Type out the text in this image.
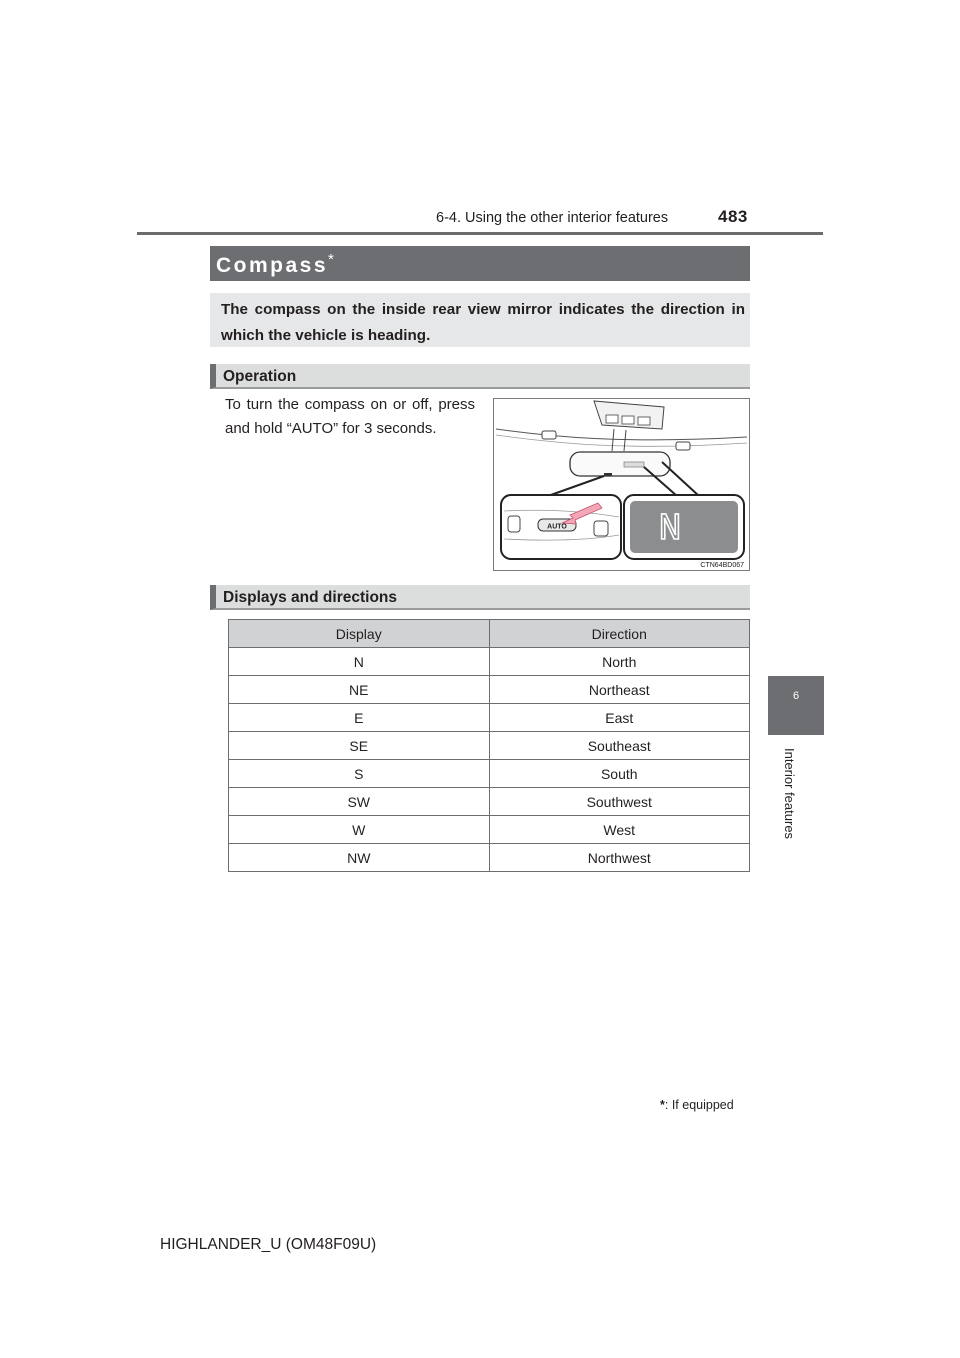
6-4. Using the other interior features	483
6
Interior features
Compass*
The compass on the inside rear view mirror indicates the direction in which the vehicle is heading.
Operation
To turn the compass on or off, press and hold “AUTO” for 3 seconds.
AUTO N
CTN64BD067
Displays and directions
Display	Direction
N	North
NE	Northeast
E	East
SE	Southeast
S	South
SW	Southwest
W	West
NW	Northwest
*: If equipped
HIGHLANDER_U (OM48F09U)
